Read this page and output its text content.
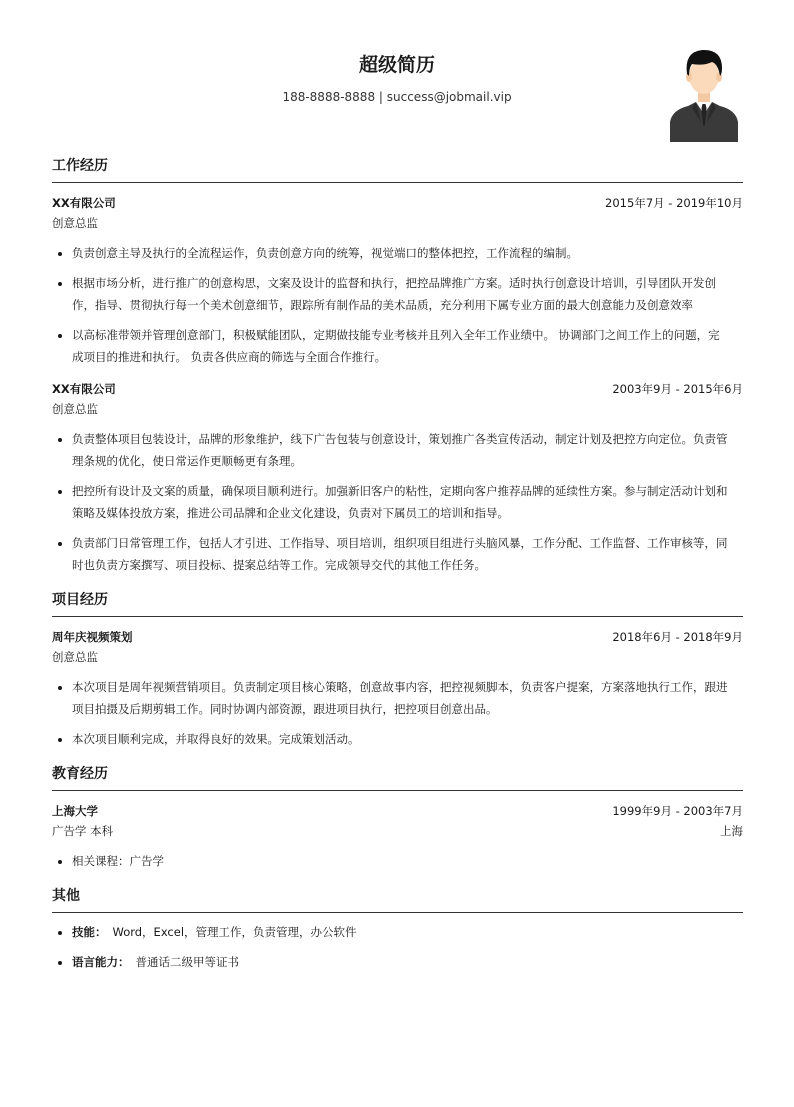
超级简历
188-8888-8888 | success@jobmail.vip
工作经历
XX有限公司	2015年7月 - 2019年10月
创意总监
• 负责创意主导及执行的全流程运作，负责创意方向的统筹，视觉端口的整体把控，工作流程的编制。
• 根据市场分析，进行推广的创意构思，文案及设计的监督和执行，把控品牌推广方案。适时执行创意设计培训，引导团队开发创作，指导、贯彻执行每一个美术创意细节，跟踪所有制作品的美术品质，充分利用下属专业方面的最大创意能力及创意效率
• 以高标准带领并管理创意部门，积极赋能团队，定期做技能专业考核并且列入全年工作业绩中。 协调部门之间工作上的问题，完成项目的推进和执行。 负责各供应商的筛选与全面合作推行。
XX有限公司	2003年9月 - 2015年6月
创意总监
• 负责整体项目包装设计，品牌的形象维护，线下广告包装与创意设计，策划推广各类宣传活动，制定计划及把控方向定位。负责管理条规的优化，使日常运作更顺畅更有条理。
• 把控所有设计及文案的质量，确保项目顺利进行。加强新旧客户的粘性，定期向客户推荐品牌的延续性方案。参与制定活动计划和策略及媒体投放方案，推进公司品牌和企业文化建设，负责对下属员工的培训和指导。
• 负责部门日常管理工作，包括人才引进、工作指导、项目培训，组织项目组进行头脑风暴，工作分配、工作监督、工作审核等，同时也负责方案撰写、项目投标、提案总结等工作。完成领导交代的其他工作任务。
项目经历
周年庆视频策划	2018年6月 - 2018年9月
创意总监
• 本次项目是周年视频营销项目。负责制定项目核心策略，创意故事内容，把控视频脚本，负责客户提案，方案落地执行工作，跟进项目拍摄及后期剪辑工作。同时协调内部资源，跟进项目执行，把控项目创意出品。
• 本次项目顺利完成，并取得良好的效果。完成策划活动。
教育经历
上海大学	1999年9月 - 2003年7月
广告学 本科	上海
• 相关课程：广告学
其他
• 技能： Word，Excel，管理工作，负责管理，办公软件
• 语言能力： 普通话二级甲等证书
